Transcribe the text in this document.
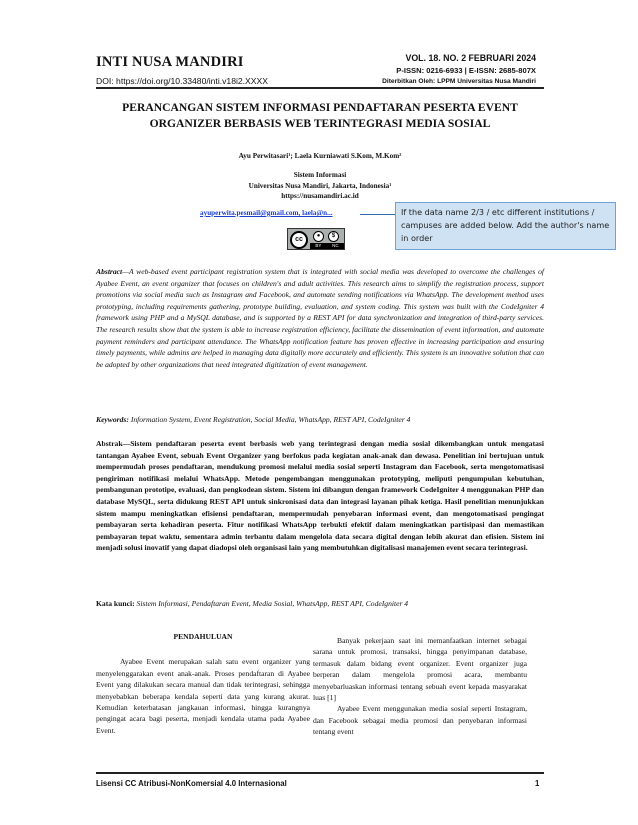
INTI NUSA MANDIRI
DOI: https://doi.org/10.33480/inti.v18i2.XXXX
VOL. 18. NO. 2 FEBRUARI 2024
P-ISSN: 0216-6933 | E-ISSN: 2685-807X
Diterbitkan Oleh: LPPM Universitas Nusa Mandiri
PERANCANGAN SISTEM INFORMASI PENDAFTARAN PESERTA EVENT ORGANIZER BERBASIS WEB TERINTEGRASI MEDIA SOSIAL
Ayu Perwitasari¹; Laela Kurniawati S.Kom, M.Kom²
Sistem Informasi
Universitas Nusa Mandiri, Jakarta, Indonesia¹
https://nusamandiri.ac.id
ayuperwita.pesmail@gmail.com, laela@n...
cc	●	$
BY NC
If the data name 2/3 / etc different institutions / campuses are added below. Add the author's name in order
Abstract—A web-based event participant registration system that is integrated with social media was developed to overcome the challenges of Ayabee Event, an event organizer that focuses on children's and adult activities. This research aims to simplify the registration process, support promotions via social media such as Instagram and Facebook, and automate sending notifications via WhatsApp. The development method uses prototyping, including requirements gathering, prototype building, evaluation, and system coding. This system was built with the CodeIgniter 4 framework using PHP and a MySQL database, and is supported by a REST API for data synchronization and integration of third-party services. The research results show that the system is able to increase registration efficiency, facilitate the dissemination of event information, and automate payment reminders and participant attendance. The WhatsApp notification feature has proven effective in increasing participation and ensuring timely payments, while admins are helped in managing data digitally more accurately and efficiently. This system is an innovative solution that can be adopted by other organizations that need integrated digitization of event management.
Keywords: Information System, Event Registration, Social Media, WhatsApp, REST API, CodeIgniter 4
Abstrak—Sistem pendaftaran peserta event berbasis web yang terintegrasi dengan media sosial dikembangkan untuk mengatasi tantangan Ayabee Event, sebuah Event Organizer yang berfokus pada kegiatan anak-anak dan dewasa. Penelitian ini bertujuan untuk mempermudah proses pendaftaran, mendukung promosi melalui media sosial seperti Instagram dan Facebook, serta mengotomatisasi pengiriman notifikasi melalui WhatsApp. Metode pengembangan menggunakan prototyping, meliputi pengumpulan kebutuhan, pembangunan prototipe, evaluasi, dan pengkodean sistem. Sistem ini dibangun dengan framework CodeIgniter 4 menggunakan PHP dan database MySQL, serta didukung REST API untuk sinkronisasi data dan integrasi layanan pihak ketiga. Hasil penelitian menunjukkan sistem mampu meningkatkan efisiensi pendaftaran, mempermudah penyebaran informasi event, dan mengotomatisasi pengingat pembayaran serta kehadiran peserta. Fitur notifikasi WhatsApp terbukti efektif dalam meningkatkan partisipasi dan memastikan pembayaran tepat waktu, sementara admin terbantu dalam mengelola data secara digital dengan lebih akurat dan efisien. Sistem ini menjadi solusi inovatif yang dapat diadopsi oleh organisasi lain yang membutuhkan digitalisasi manajemen event secara terintegrasi.
Kata kunci: Sistem Informasi, Pendaftaran Event, Media Sosial, WhatsApp, REST API, CodeIgniter 4
PENDAHULUAN

Ayabee Event merupakan salah satu event organizer yang menyelenggarakan event anak-anak. Proses pendaftaran di Ayabee Event yang dilakukan secara manual dan tidak terintegrasi, sehingga menyebabkan beberapa kendala seperti data yang kurang akurat. Kemudian keterbatasan jangkauan informasi, hingga kurangnya pengingat acara bagi peserta, menjadi kendala utama pada Ayabee Event.

Banyak pekerjaan saat ini memanfaatkan internet sebagai sarana untuk promosi, transaksi, hingga penyimpanan database, termasuk dalam bidang event organizer. Event organizer juga berperan dalam mengelola promosi acara, membantu menyebarluaskan informasi tentang sebuah event kepada masyarakat luas [1]

Ayabee Event menggunakan media sosial seperti Instagram, dan Facebook sebagai media promosi dan penyebaran informasi tentang event

Lisensi CC Atribusi-NonKomersial 4.0 Internasional	1
